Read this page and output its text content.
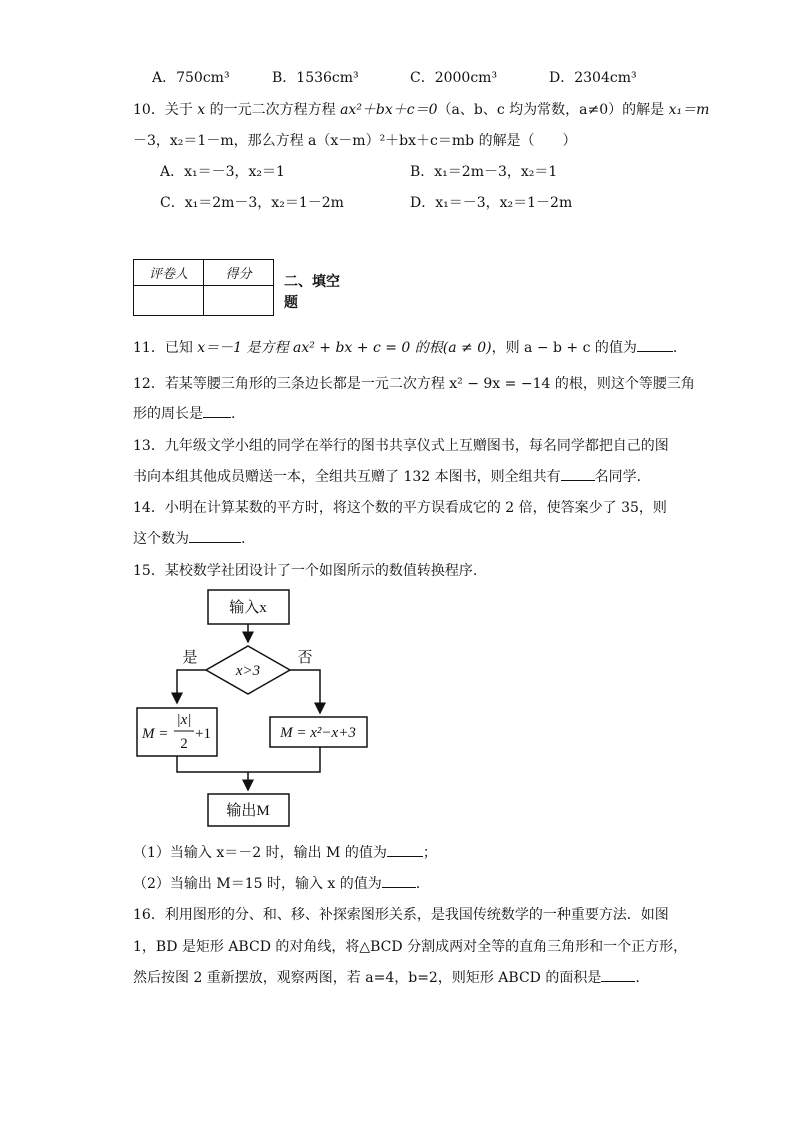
A．750cm³	B．1536cm³	C．2000cm³	D．2304cm³
10．关于 x 的一元二次方程方程 ax²＋bx＋c＝0（a、b、c 均为常数，a≠0）的解是 x₁＝m
－3，x₂＝1－m，那么方程 a（x－m）²＋bx＋c＝mb 的解是（　　）
A．x₁＝－3，x₂＝1	B．x₁＝2m－3，x₂＝1
C．x₁＝2m－3，x₂＝1－2m	D．x₁＝－3，x₂＝1－2m
评卷人	得分
	二、填空
题
11．已知 x＝－1 是方程 ax² + bx + c = 0 的根(a ≠ 0)，则 a − b + c 的值为	.
12．若某等腰三角形的三条边长都是一元二次方程 x² − 9x = −14 的根，则这个等腰三角
形的周长是 .
13．九年级文学小组的同学在举行的图书共享仪式上互赠图书，每名同学都把自己的图
书向本组其他成员赠送一本，全组共互赠了 132 本图书，则全组共有 名同学.
14．小明在计算某数的平方时，将这个数的平方误看成它的 2 倍，使答案少了 35，则
这个数为	.
15．某校数学社团设计了一个如图所示的数值转换程序.
输入x
x>3
是	否
M =
|x|
2
+1	M = x²−x+3
输出M
（1）当输入 x＝－2 时，输出 M 的值为	；
（2）当输出 M＝15 时，输入 x 的值为 .
16．利用图形的分、和、移、补探索图形关系，是我国传统数学的一种重要方法．如图
1，BD 是矩形 ABCD 的对角线，将△BCD 分割成两对全等的直角三角形和一个正方形，
然后按图 2 重新摆放，观察两图，若 a=4，b=2，则矩形 ABCD 的面积是 .
